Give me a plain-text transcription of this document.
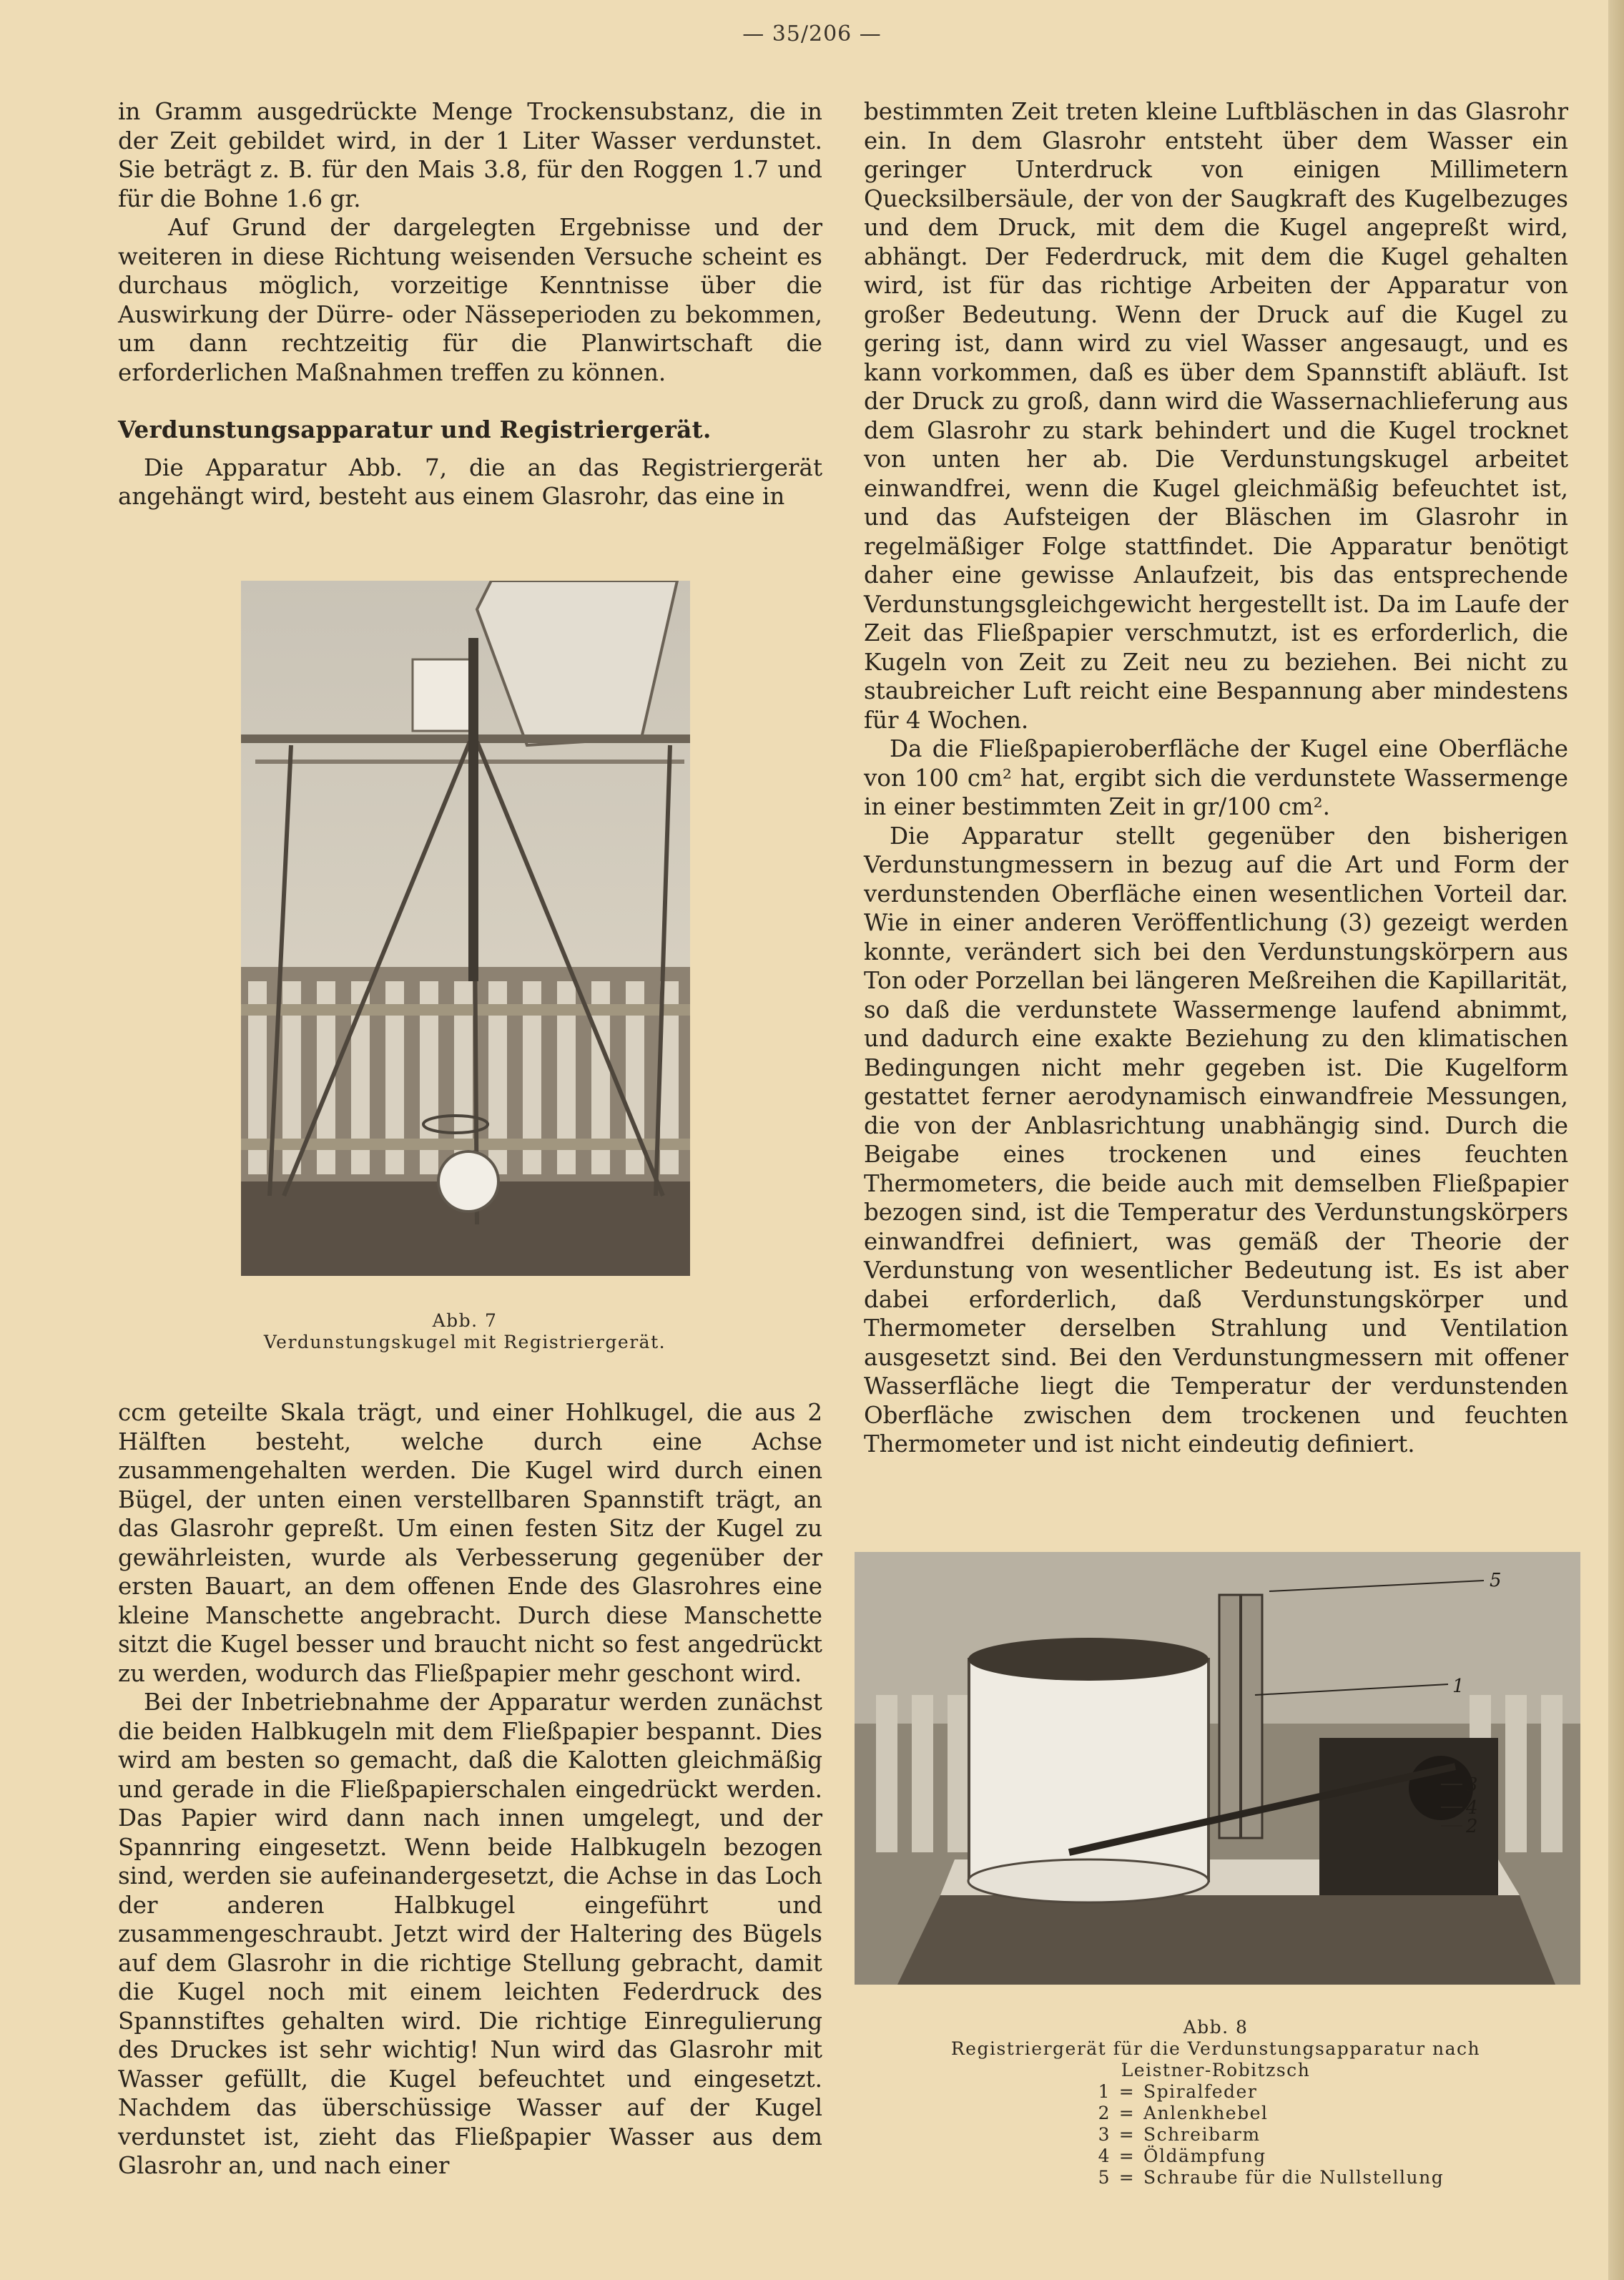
— 35/206 —

in Gramm ausgedrückte Menge Trockensubstanz, die in der Zeit gebildet wird, in der 1 Liter Wasser verdunstet. Sie beträgt z. B. für den Mais 3.8, für den Roggen 1.7 und für die Bohne 1.6 gr.

Auf Grund der dargelegten Ergebnisse und der weiteren in diese Richtung weisenden Versuche scheint es durchaus möglich, vorzeitige Kenntnisse über die Auswirkung der Dürre- oder Nässeperioden zu bekommen, um dann rechtzeitig für die Planwirtschaft die erforderlichen Maßnahmen treffen zu können.

Verdunstungsapparatur und Registriergerät.

Die Apparatur Abb. 7, die an das Registriergerät angehängt wird, besteht aus einem Glasrohr, das eine in

Abb. 7
Verdunstungskugel mit Registriergerät.

ccm geteilte Skala trägt, und einer Hohlkugel, die aus 2 Hälften besteht, welche durch eine Achse zusammengehalten werden. Die Kugel wird durch einen Bügel, der unten einen verstellbaren Spannstift trägt, an das Glasrohr gepreßt. Um einen festen Sitz der Kugel zu gewährleisten, wurde als Verbesserung gegenüber der ersten Bauart, an dem offenen Ende des Glasrohres eine kleine Manschette angebracht. Durch diese Manschette sitzt die Kugel besser und braucht nicht so fest angedrückt zu werden, wodurch das Fließpapier mehr geschont wird.

Bei der Inbetriebnahme der Apparatur werden zunächst die beiden Halbkugeln mit dem Fließpapier bespannt. Dies wird am besten so gemacht, daß die Kalotten gleichmäßig und gerade in die Fließpapierschalen eingedrückt werden. Das Papier wird dann nach innen umgelegt, und der Spannring eingesetzt. Wenn beide Halbkugeln bezogen sind, werden sie aufeinandergesetzt, die Achse in das Loch der anderen Halbkugel eingeführt und zusammengeschraubt. Jetzt wird der Haltering des Bügels auf dem Glasrohr in die richtige Stellung gebracht, damit die Kugel noch mit einem leichten Federdruck des Spannstiftes gehalten wird. Die richtige Einregulierung des Druckes ist sehr wichtig! Nun wird das Glasrohr mit Wasser gefüllt, die Kugel befeuchtet und eingesetzt. Nachdem das überschüssige Wasser auf der Kugel verdunstet ist, zieht das Fließpapier Wasser aus dem Glasrohr an, und nach einer

bestimmten Zeit treten kleine Luftbläschen in das Glasrohr ein. In dem Glasrohr entsteht über dem Wasser ein geringer Unterdruck von einigen Millimetern Quecksilbersäule, der von der Saugkraft des Kugelbezuges und dem Druck, mit dem die Kugel angepreßt wird, abhängt. Der Federdruck, mit dem die Kugel gehalten wird, ist für das richtige Arbeiten der Apparatur von großer Bedeutung. Wenn der Druck auf die Kugel zu gering ist, dann wird zu viel Wasser angesaugt, und es kann vorkommen, daß es über dem Spannstift abläuft. Ist der Druck zu groß, dann wird die Wassernachlieferung aus dem Glasrohr zu stark behindert und die Kugel trocknet von unten her ab. Die Verdunstungskugel arbeitet einwandfrei, wenn die Kugel gleichmäßig befeuchtet ist, und das Aufsteigen der Bläschen im Glasrohr in regelmäßiger Folge stattfindet. Die Apparatur benötigt daher eine gewisse Anlaufzeit, bis das entsprechende Verdunstungsgleichgewicht hergestellt ist. Da im Laufe der Zeit das Fließpapier verschmutzt, ist es erforderlich, die Kugeln von Zeit zu Zeit neu zu beziehen. Bei nicht zu staubreicher Luft reicht eine Bespannung aber mindestens für 4 Wochen.

Da die Fließpapieroberfläche der Kugel eine Oberfläche von 100 cm² hat, ergibt sich die verdunstete Wassermenge in einer bestimmten Zeit in gr/100 cm².

Die Apparatur stellt gegenüber den bisherigen Verdunstungmessern in bezug auf die Art und Form der verdunstenden Oberfläche einen wesentlichen Vorteil dar. Wie in einer anderen Veröffentlichung (3) gezeigt werden konnte, verändert sich bei den Verdunstungskörpern aus Ton oder Porzellan bei längeren Meßreihen die Kapillarität, so daß die verdunstete Wassermenge laufend abnimmt, und dadurch eine exakte Beziehung zu den klimatischen Bedingungen nicht mehr gegeben ist. Die Kugelform gestattet ferner aerodynamisch einwandfreie Messungen, die von der Anblasrichtung unabhängig sind. Durch die Beigabe eines trockenen und eines feuchten Thermometers, die beide auch mit demselben Fließpapier bezogen sind, ist die Temperatur des Verdunstungskörpers einwandfrei definiert, was gemäß der Theorie der Verdunstung von wesentlicher Bedeutung ist. Es ist aber dabei erforderlich, daß Verdunstungskörper und Thermometer derselben Strahlung und Ventilation ausgesetzt sind. Bei den Verdunstungmessern mit offener Wasserfläche liegt die Temperatur der verdunstenden Oberfläche zwischen dem trockenen und feuchten Thermometer und ist nicht eindeutig definiert.

5
1
3
4
2
Abb. 8
Registriergerät für die Verdunstungsapparatur nach
Leistner-Robitzsch
1 = Spiralfeder
2 = Anlenkhebel
3 = Schreibarm
4 = Öldämpfung
5 = Schraube für die Nullstellung
